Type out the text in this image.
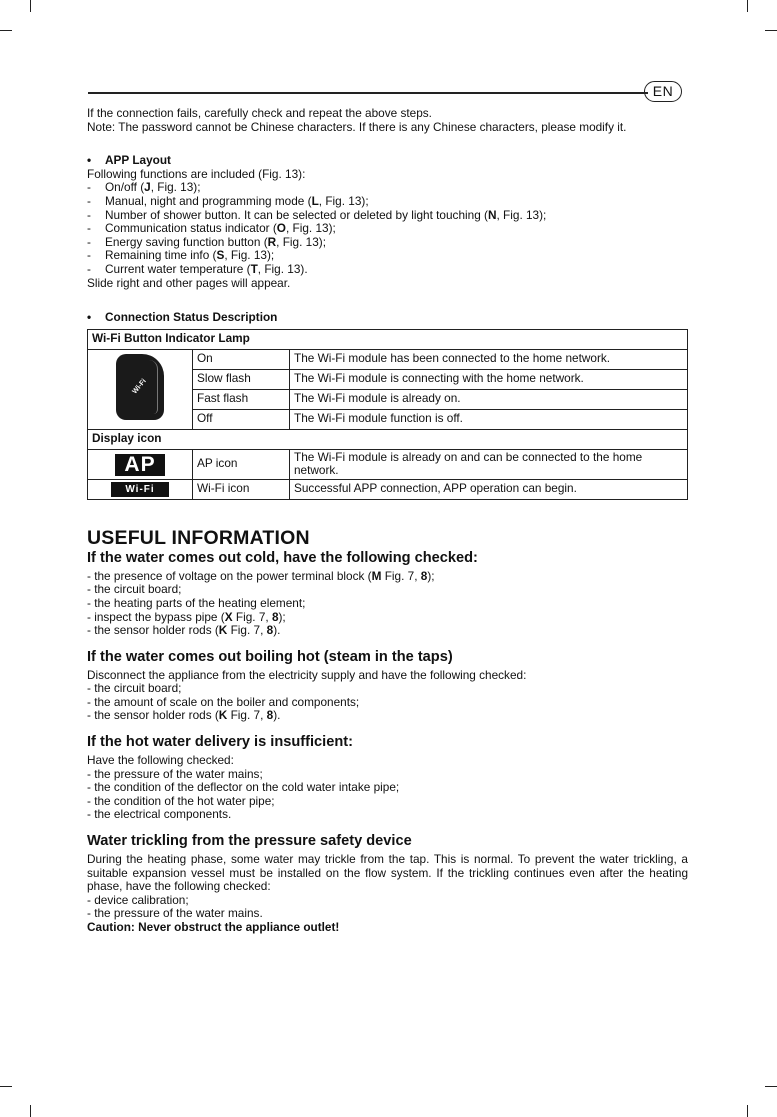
EN

If the connection fails, carefully check and repeat the above steps.

Note: The password cannot be Chinese characters. If there is any Chinese characters, please modify it.

• APP Layout

Following functions are included (Fig. 13):

- On/off (J, Fig. 13);
- Manual, night and programming mode (L, Fig. 13);
- Number of shower button. It can be selected or deleted by light touching (N, Fig. 13);
- Communication status indicator (O, Fig. 13);
- Energy saving function button (R, Fig. 13);
- Remaining time info (S, Fig. 13);
- Current water temperature (T, Fig. 13).

Slide right and other pages will appear.

• Connection Status Description

Wi-Fi Button Indicator Lamp		

Wi-Fi	On	The Wi-Fi module has been connected to the home network.
	Slow flash	The Wi-Fi module is connecting with the home network.
	Fast flash	The Wi-Fi module is already on.
	Off	The Wi-Fi module function is off.
Display icon		
AP	AP icon	The Wi-Fi module is already on and can be connected to the home network.
Wi-Fi	Wi-Fi icon	Successful APP connection, APP operation can begin.
USEFUL INFORMATION
If the water comes out cold, have the following checked:

- the presence of voltage on the power terminal block (M Fig. 7, 8);

- the circuit board;

- the heating parts of the heating element;

- inspect the bypass pipe (X Fig. 7, 8);

- the sensor holder rods (K Fig. 7, 8).

If the water comes out boiling hot (steam in the taps)

Disconnect the appliance from the electricity supply and have the following checked:

- the circuit board;

- the amount of scale on the boiler and components;

- the sensor holder rods (K Fig. 7, 8).

If the hot water delivery is insufficient:

Have the following checked:

- the pressure of the water mains;

- the condition of the deflector on the cold water intake pipe;

- the condition of the hot water pipe;

- the electrical components.

Water trickling from the pressure safety device

During the heating phase, some water may trickle from the tap. This is normal. To prevent the water trickling, a suitable expansion vessel must be installed on the flow system. If the trickling continues even after the heating phase, have the following checked:

- device calibration;

- the pressure of the water mains.

Caution: Never obstruct the appliance outlet!
